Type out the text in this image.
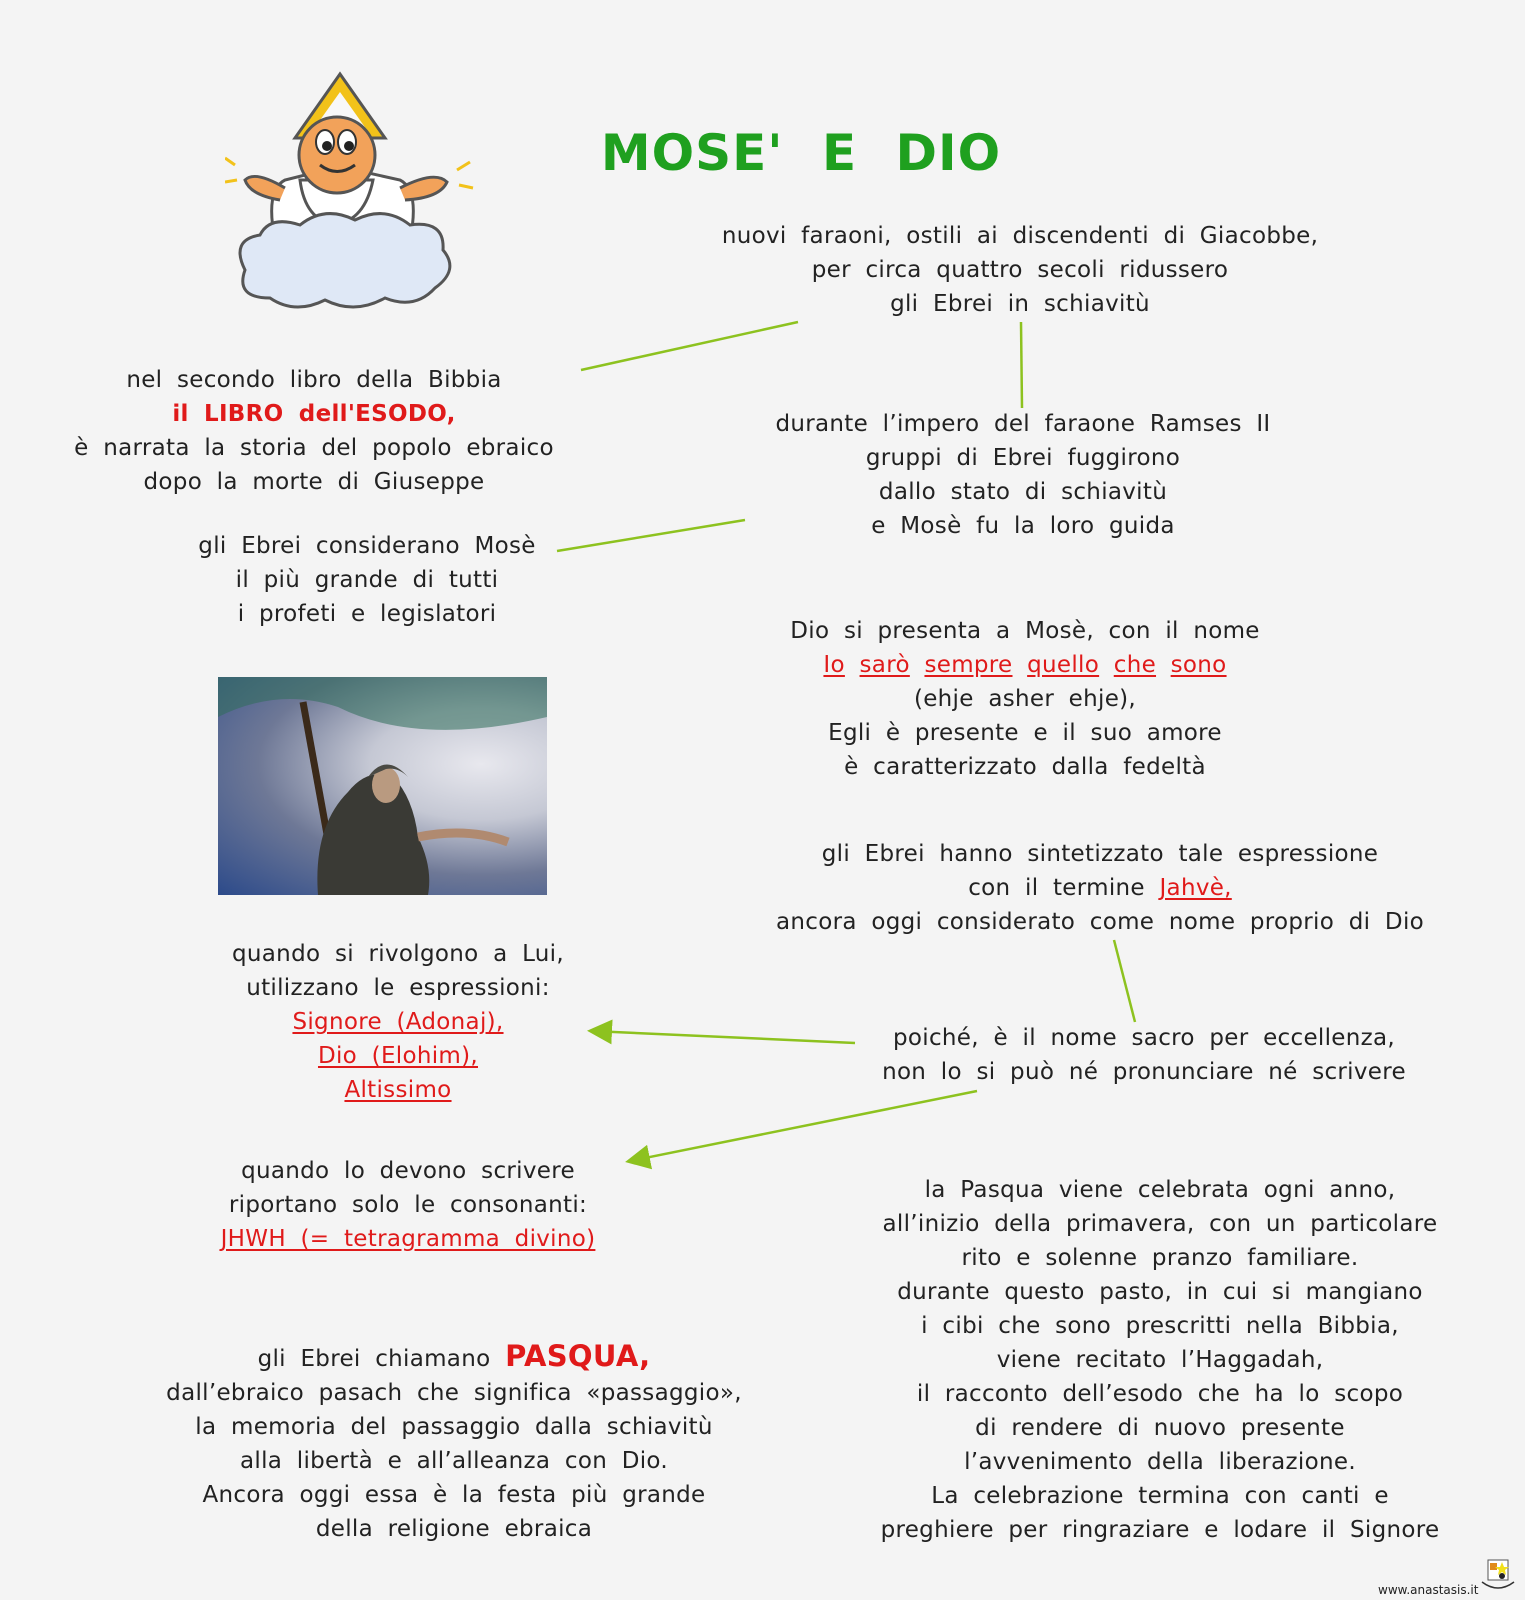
MOSE' E DIO
nuovi faraoni, ostili ai discendenti di Giacobbe,
per circa quattro secoli ridussero
gli Ebrei in schiavitù
nel secondo libro della Bibbia
il LIBRO dell'ESODO,
è narrata la storia del popolo ebraico
dopo la morte di Giuseppe
durante l’impero del faraone Ramses II
gruppi di Ebrei fuggirono
dallo stato di schiavitù
e Mosè fu la loro guida
gli Ebrei considerano Mosè
il più grande di tutti
i profeti e legislatori
Dio si presenta a Mosè, con il nome
Io sarò sempre quello che sono
(ehje asher ehje),
Egli è presente e il suo amore
è caratterizzato dalla fedeltà
gli Ebrei hanno sintetizzato tale espressione
con il termine Jahvè,
ancora oggi considerato come nome proprio di Dio
quando si rivolgono a Lui,
utilizzano le espressioni:
Signore (Adonaj),
Dio (Elohim),
Altissimo
poiché, è il nome sacro per eccellenza,
non lo si può né pronunciare né scrivere
quando lo devono scrivere
riportano solo le consonanti:
JHWH (= tetragramma divino)
la Pasqua viene celebrata ogni anno,
all’inizio della primavera, con un particolare
rito e solenne pranzo familiare.
durante questo pasto, in cui si mangiano
i cibi che sono prescritti nella Bibbia,
viene recitato l’Haggadah,
il racconto dell’esodo che ha lo scopo
di rendere di nuovo presente
l’avvenimento della liberazione.
La celebrazione termina con canti e
preghiere per ringraziare e lodare il Signore
gli Ebrei chiamano PASQUA,
dall’ebraico pasach che significa «passaggio»,
la memoria del passaggio dalla schiavitù
alla libertà e all’alleanza con Dio.
Ancora oggi essa è la festa più grande
della religione ebraica
www.anastasis.it
